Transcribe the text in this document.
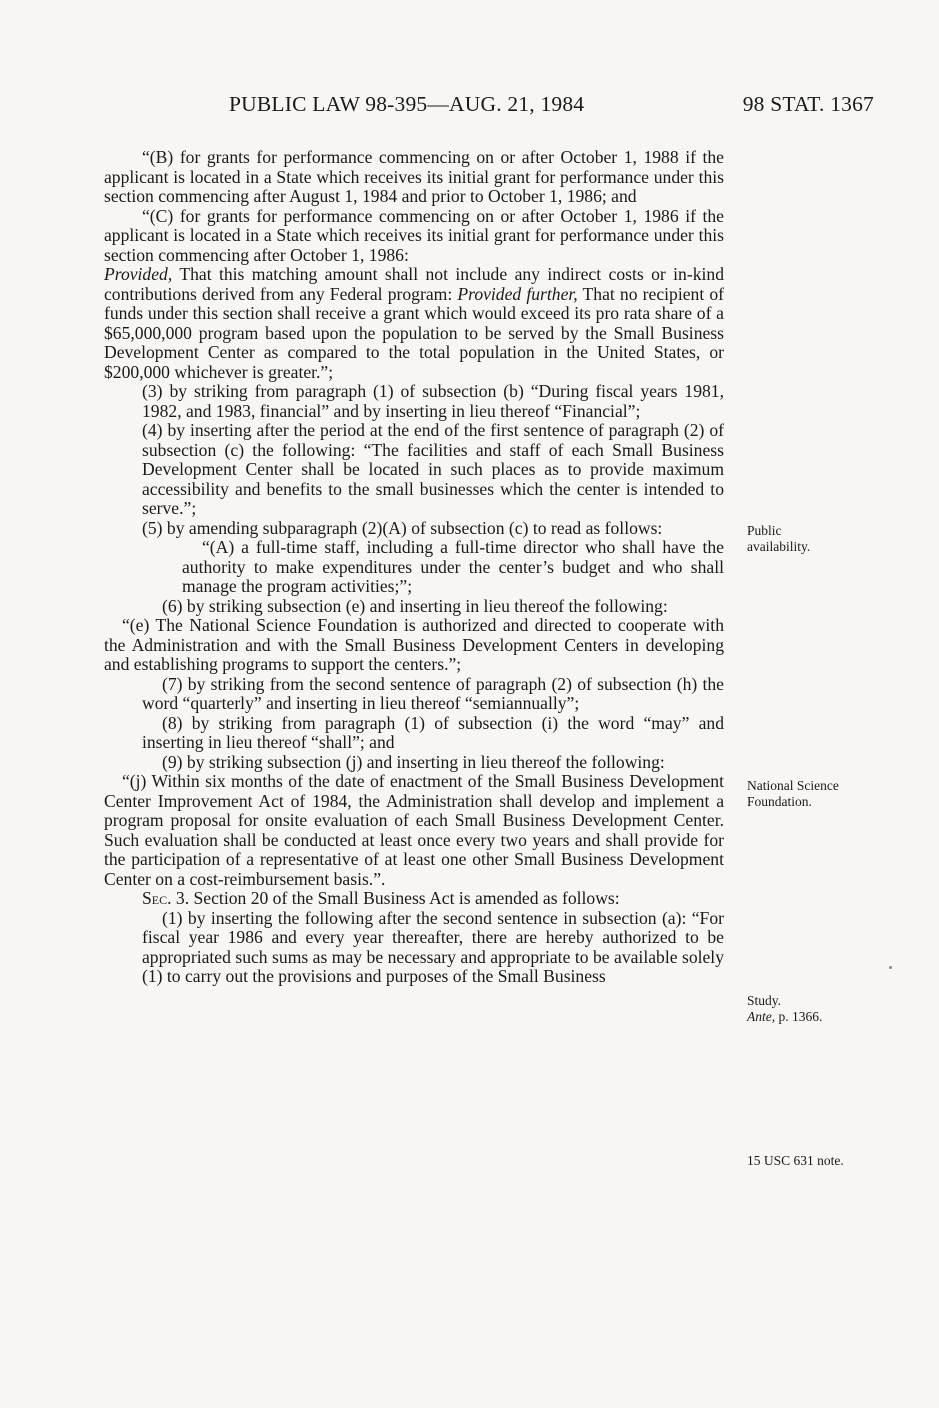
PUBLIC LAW 98-395—AUG. 21, 1984	98 STAT. 1367

“(B) for grants for performance commencing on or after October 1, 1988 if the applicant is located in a State which receives its initial grant for performance under this section commencing after August 1, 1984 and prior to October 1, 1986; and

“(C) for grants for performance commencing on or after October 1, 1986 if the applicant is located in a State which receives its initial grant for performance under this section commencing after October 1, 1986:

Provided, That this matching amount shall not include any indirect costs or in-kind contributions derived from any Federal program: Provided further, That no recipient of funds under this section shall receive a grant which would exceed its pro rata share of a $65,000,000 program based upon the population to be served by the Small Business Development Center as compared to the total population in the United States, or $200,000 whichever is greater.”;

(3) by striking from paragraph (1) of subsection (b) “During fiscal years 1981, 1982, and 1983, financial” and by inserting in lieu thereof “Financial”;

(4) by inserting after the period at the end of the first sentence of paragraph (2) of subsection (c) the following: “The facilities and staff of each Small Business Development Center shall be located in such places as to provide maximum accessibility and benefits to the small businesses which the center is intended to serve.”;

(5) by amending subparagraph (2)(A) of subsection (c) to read as follows:

“(A) a full-time staff, including a full-time director who shall have the authority to make expenditures under the center’s budget and who shall manage the program activities;”;

(6) by striking subsection (e) and inserting in lieu thereof the following:

“(e) The National Science Foundation is authorized and directed to cooperate with the Administration and with the Small Business Development Centers in developing and establishing programs to support the centers.”;

(7) by striking from the second sentence of paragraph (2) of subsection (h) the word “quarterly” and inserting in lieu thereof “semiannually”;

(8) by striking from paragraph (1) of subsection (i) the word “may” and inserting in lieu thereof “shall”; and

(9) by striking subsection (j) and inserting in lieu thereof the following:

“(j) Within six months of the date of enactment of the Small Business Development Center Improvement Act of 1984, the Administration shall develop and implement a program proposal for onsite evaluation of each Small Business Development Center. Such evaluation shall be conducted at least once every two years and shall provide for the participation of a representative of at least one other Small Business Development Center on a cost-reimbursement basis.”.

Sec. 3. Section 20 of the Small Business Act is amended as follows:

(1) by inserting the following after the second sentence in subsection (a): “For fiscal year 1986 and every year thereafter, there are hereby authorized to be appropriated such sums as may be necessary and appropriate to be available solely (1) to carry out the provisions and purposes of the Small Business

Public
availability.
National Science
Foundation.
Study.
Ante, p. 1366.
15 USC 631 note.
